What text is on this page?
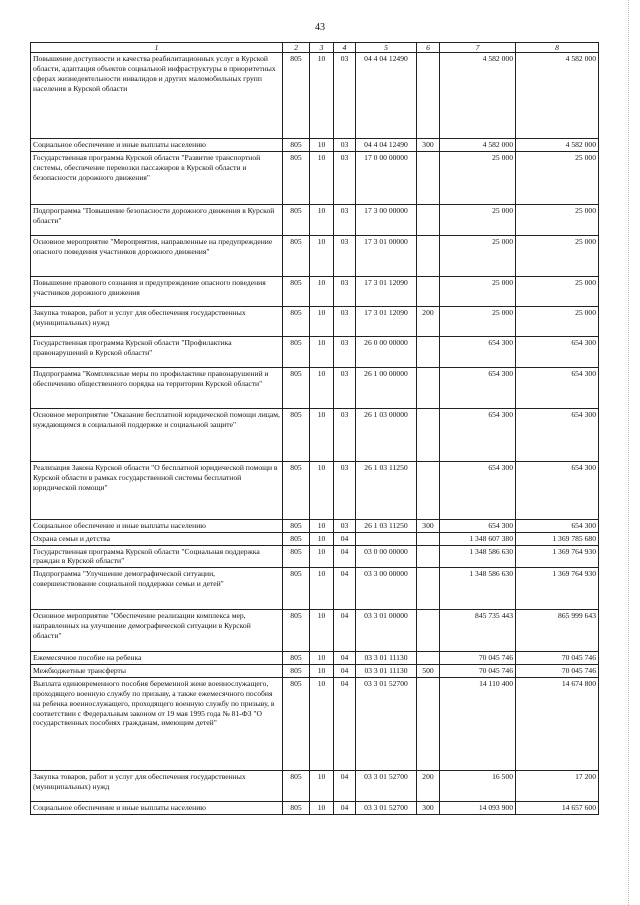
43
1	2	3	4	5	6	7	8
Повышение доступности и качества реабилитационных услуг в Курской области, адаптация объектов социальной инфраструктуры в приоритетных сферах жизнедеятельности инвалидов и других маломобильных групп населения в Курской области	805	10	03	04 4 04 12490		4 582 000	4 582 000
Социальное обеспечение и иные выплаты населению	805	10	03	04 4 04 12490	300	4 582 000	4 582 000
Государственная программа Курской области "Развитие транспортной системы, обеспечение перевозки пассажиров в Курской области и безопасности дорожного движения"	805	10	03	17 0 00 00000		25 000	25 000
Подпрограмма "Повышение безопасности дорожного движения в Курской области"	805	10	03	17 3 00 00000		25 000	25 000
Основное мероприятие "Мероприятия, направленные на предупреждение опасного поведения участников дорожного движения"	805	10	03	17 3 01 00000		25 000	25 000
Повышение правового сознания и предупреждение опасного поведения участников дорожного движения	805	10	03	17 3 01 12090		25 000	25 000
Закупка товаров, работ и услуг для обеспечения государственных (муниципальных) нужд	805	10	03	17 3 01 12090	200	25 000	25 000
Государственная программа Курской области "Профилактика правонарушений в Курской области"	805	10	03	26 0 00 00000		654 300	654 300
Подпрограмма "Комплексные меры по профилактике правонарушений и обеспечению общественного порядка на территории Курской области"	805	10	03	26 1 00 00000		654 300	654 300
Основное мероприятие "Оказание бесплатной юридической помощи лицам, нуждающимся в социальной поддержке и социальной защите"	805	10	03	26 1 03 00000		654 300	654 300
Реализация Закона Курской области "О бесплатной юридической помощи в Курской области в рамках государственной системы бесплатной юридической помощи"	805	10	03	26 1 03 11250		654 300	654 300
Социальное обеспечение и иные выплаты населению	805	10	03	26 1 03 11250	300	654 300	654 300
Охрана семьи и детства	805	10	04			1 348 607 380	1 369 785 680
Государственная программа Курской области "Социальная поддержка граждан в Курской области"	805	10	04	03 0 00 00000		1 348 586 630	1 369 764 930
Подпрограмма "Улучшение демографической ситуации, совершенствование социальной поддержки семьи и детей"	805	10	04	03 3 00 00000		1 348 586 630	1 369 764 930
Основное мероприятие "Обеспечение реализации комплекса мер, направленных на улучшение демографической ситуации в Курской области"	805	10	04	03 3 01 00000		845 735 443	865 999 643
Ежемесячное пособие на ребенка	805	10	04	03 3 01 11130		70 045 746	70 045 746
Межбюджетные трансферты	805	10	04	03 3 01 11130	500	70 045 746	70 045 746
Выплата единовременного пособия беременной жене военнослужащего, проходящего военную службу по призыву, а также ежемесячного пособия на ребенка военнослужащего, проходящего военную службу по призыву, в соответствии с Федеральным законом от 19 мая 1995 года № 81-ФЗ "О государственных пособиях гражданам, имеющим детей"	805	10	04	03 3 01 52700		14 110 400	14 674 800
Закупка товаров, работ и услуг для обеспечения государственных (муниципальных) нужд	805	10	04	03 3 01 52700	200	16 500	17 200
Социальное обеспечение и иные выплаты населению	805	10	04	03 3 01 52700	300	14 093 900	14 657 600
